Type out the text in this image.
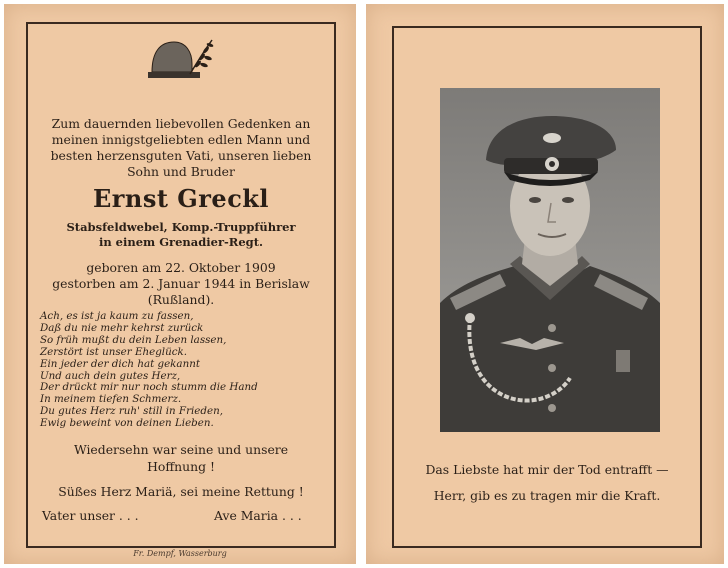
Zum dauernden liebevollen Gedenken an
meinen innigstgeliebten edlen Mann und
besten herzensguten Vati, unseren lieben
Sohn und Bruder
Ernst Greckl
Stabsfeldwebel, Komp.-Truppführer
in einem Grenadier-Regt.
geboren am 22. Oktober 1909
gestorben am 2. Januar 1944 in Berislaw
(Rußland).
Ach, es ist ja kaum zu fassen,
Daß du nie mehr kehrst zurück
So früh mußt du dein Leben lassen,
Zerstört ist unser Eheglück.
Ein jeder der dich hat gekannt
Und auch dein gutes Herz,
Der drückt mir nur noch stumm die Hand
In meinem tiefen Schmerz.
Du gutes Herz ruh' still in Frieden,
Ewig beweint von deinen Lieben.
Wiedersehn war seine und unsere
Hoffnung !
Süßes Herz Mariä, sei meine Rettung !
Vater unser . . .	Ave Maria . . .
Fr. Dempf, Wasserburg
Das Liebste hat mir der Tod entrafft —
Herr, gib es zu tragen mir die Kraft.
